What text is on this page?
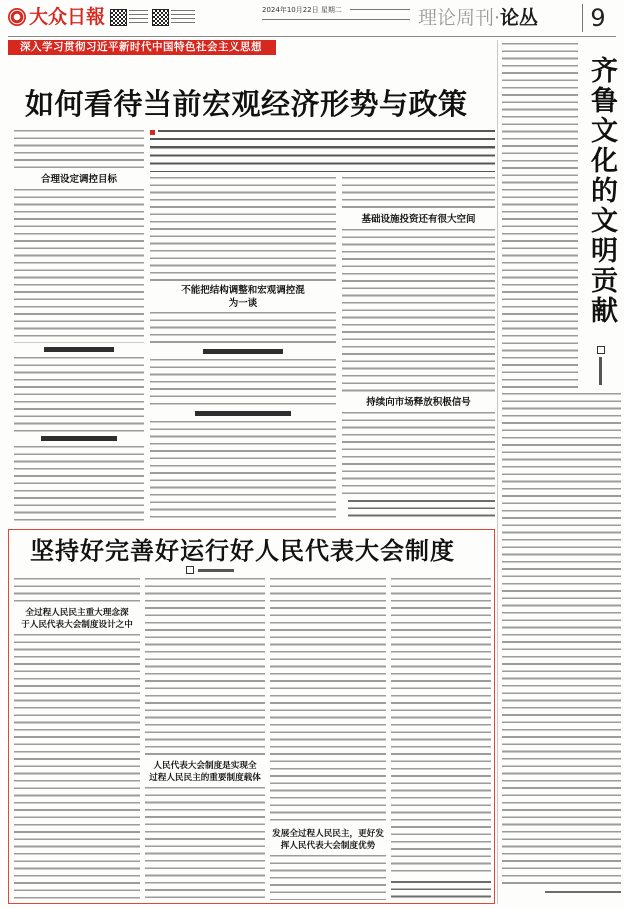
大众日報	2024年10月22日 星期二	理论周刊·论丛	9
深入学习贯彻习近平新时代中国特色社会主义思想
如何看待当前宏观经济形势与政策
合理设定调控目标
不能把结构调整和宏观调控混
为一谈
基础设施投资还有很大空间
持续向市场释放积极信号
坚持好完善好运行好人民代表大会制度
全过程人民民主重大理念深
于人民代表大会制度设计之中
人民代表大会制度是实现全
过程人民民主的重要制度载体
发展全过程人民民主，更好发
挥人民代表大会制度优势
齐鲁文化的文明贡献
